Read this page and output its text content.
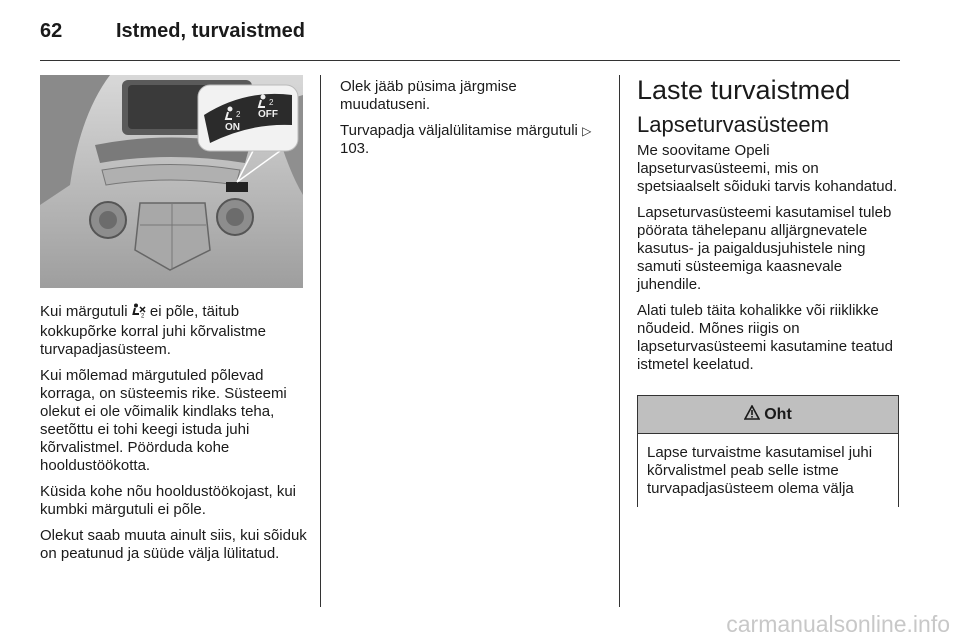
62	Istmed, turvaistmed
ON
OFF
2
2

Kui märgutuli 2 ei põle, täitub kokkupõrke korral juhi kõrvalistme turvapadjasüsteem.

Kui mõlemad märgutuled põlevad korraga, on süsteemis rike. Süsteemi olekut ei ole võimalik kindlaks teha, seetõttu ei tohi keegi istuda juhi kõrvalistmel. Pöörduda kohe hooldustöökotta.

Küsida kohe nõu hooldustöökojast, kui kumbki märgutuli ei põle.

Olekut saab muuta ainult siis, kui sõiduk on peatunud ja süüde välja lülitatud.

Olek jääb püsima järgmise muudatuseni.

Turvapadja väljalülitamise märgutuli ▷ 103.

Laste turvaistmed
Lapseturvasüsteem

Me soovitame Opeli lapseturvasüsteemi, mis on spetsiaalselt sõiduki tarvis kohandatud.

Lapseturvasüsteemi kasutamisel tuleb pöörata tähelepanu alljärgnevatele kasutus- ja paigaldusjuhistele ning samuti süsteemiga kaasnevale juhendile.

Alati tuleb täita kohalikke või riiklikke nõudeid. Mõnes riigis on lapseturvasüsteemi kasutamine teatud istmetel keelatud.

Oht
Lapse turvaistme kasutamisel juhi kõrvalistmel peab selle istme turvapadjasüsteem olema välja
carmanualsonline.info
